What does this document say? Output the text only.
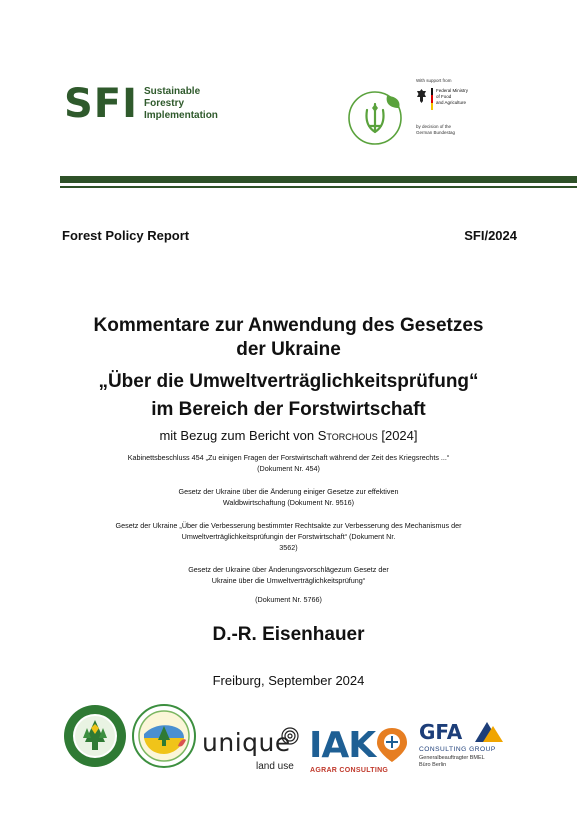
SFI Sustainable
Forestry
Implementation
With support from
Federal Ministry
of Food
and Agriculture
by decision of the
German Bundestag
Forest Policy Report	SFI/2024
Kommentare zur Anwendung des Gesetzes
der Ukraine
„Über die Umweltverträglichkeitsprüfung“
im Bereich der Forstwirtschaft
mit Bezug zum Bericht von Storchous [2024]
Kabinettsbeschluss 454 „Zu einigen Fragen der Forstwirtschaft während der Zeit des Kriegsrechts ...“
(Dokument Nr. 454)
Gesetz der Ukraine über die Änderung einiger Gesetze zur effektiven
Waldbwirtschaftung (Dokument Nr. 9516)
Gesetz der Ukraine „Über die Verbesserung bestimmter Rechtsakte zur Verbesserung des Mechanismus der
Umweltverträglichkeitsprüfungin der Forstwirtschaft“ (Dokument Nr.
3562)
Gesetz der Ukraine über Änderungsvorschlägezum Gesetz der
Ukraine über die Umweltverträglichkeitsprüfung“
(Dokument Nr. 5766)
D.-R. Eisenhauer
Freiburg, September 2024
unique
land use
IAK
AGRAR CONSULTING
GFA
CONSULTING GROUP
Generalbeauftragter BMEL
Büro Berlin
